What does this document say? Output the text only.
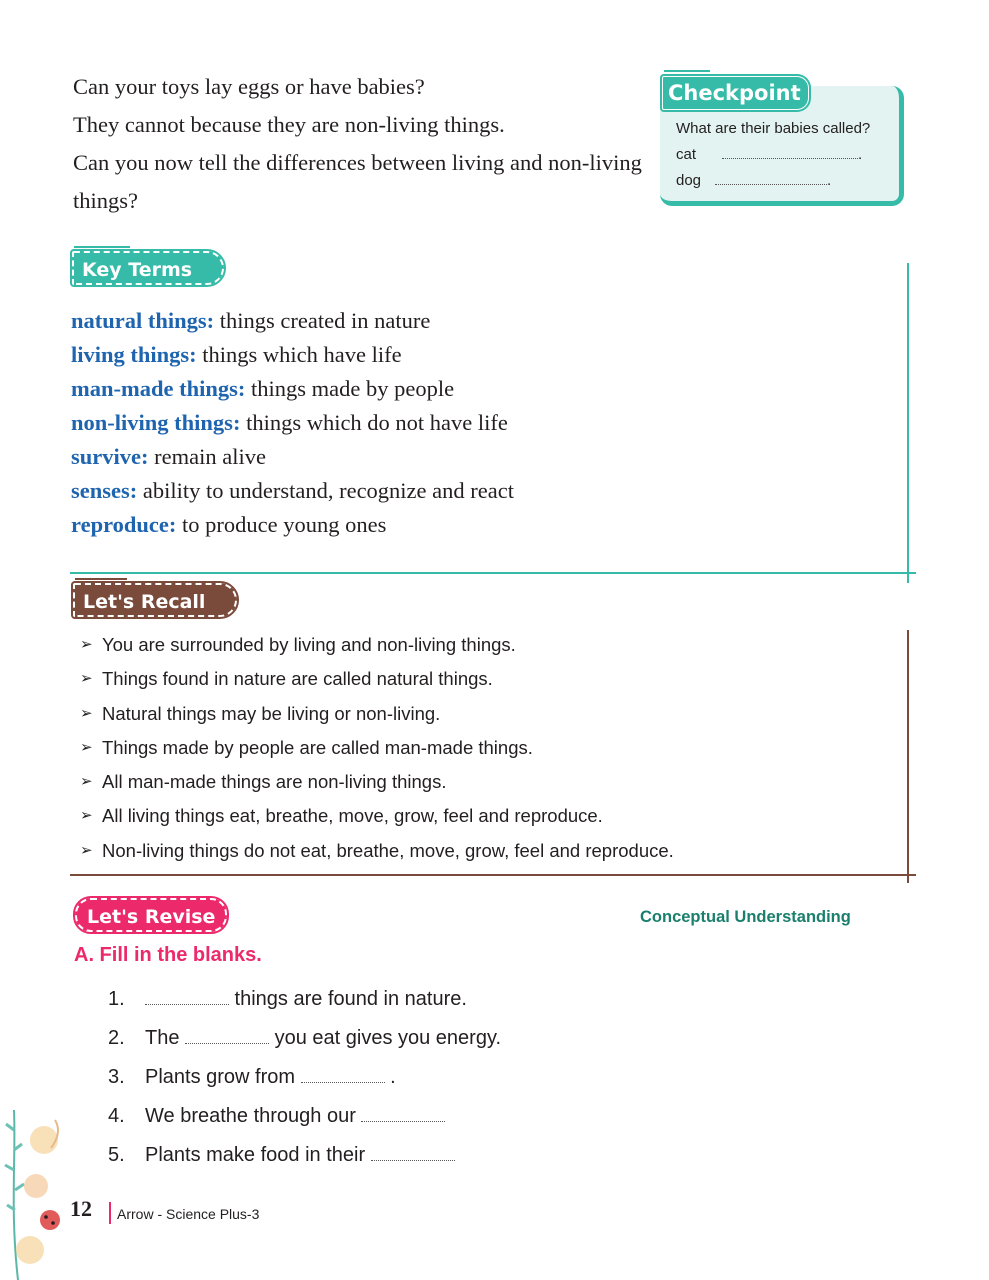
Can your toys lay eggs or have babies?

They cannot because they are non-living things.

Can you now tell the differences between living and non-living things?

Checkpoint
What are their babies called?
cat	.
dog	.
Key Terms
natural things: things created in nature
living things: things which have life
man-made things: things made by people
non-living things: things which do not have life
survive: remain alive
senses: ability to understand, recognize and react
reproduce: to produce young ones
Let's Recall
➢ You are surrounded by living and non-living things.
➢ Things found in nature are called natural things.
➢ Natural things may be living or non-living.
➢ Things made by people are called man-made things.
➢ All man-made things are non-living things.
➢ All living things eat, breathe, move, grow, feel and reproduce.
➢ Non-living things do not eat, breathe, move, grow, feel and reproduce.
Let's Revise	Conceptual Understanding
A. Fill in the blanks.
1.	things are found in nature.
2. The	you eat gives you energy.
3. Plants grow from	.
4. We breathe through our
5. Plants make food in their
12 Arrow - Science Plus-3
